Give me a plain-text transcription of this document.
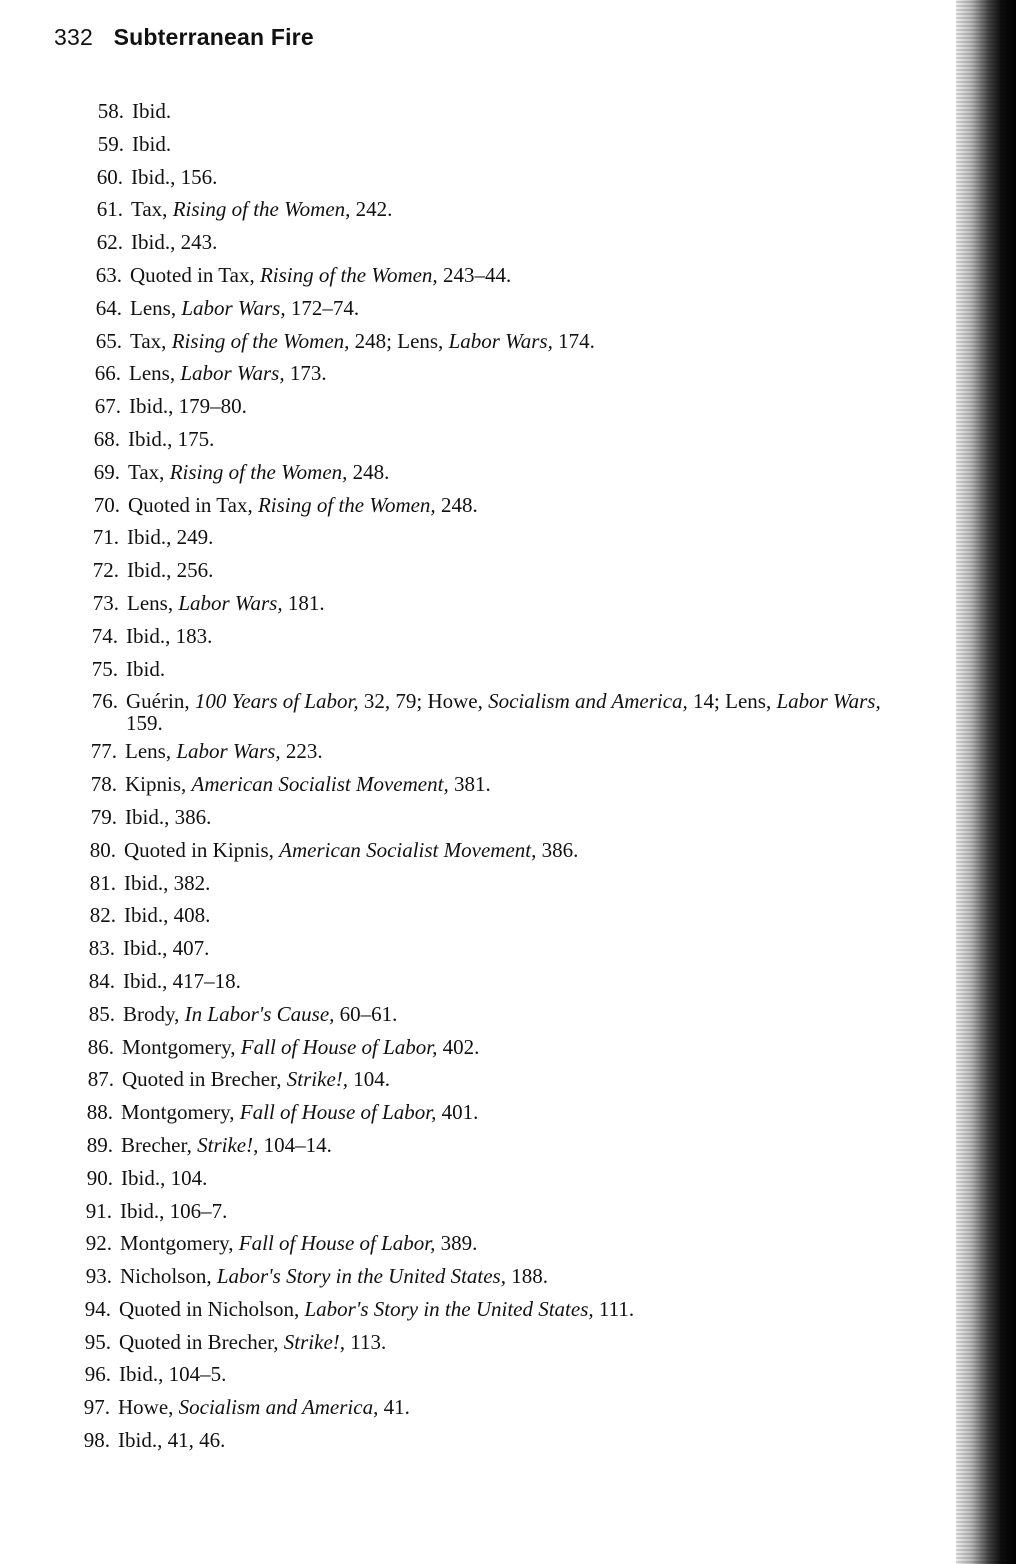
332 Subterranean Fire
58. Ibid.
59. Ibid.
60. Ibid., 156.
61. Tax, Rising of the Women, 242.
62. Ibid., 243.
63. Quoted in Tax, Rising of the Women, 243–44.
64. Lens, Labor Wars, 172–74.
65. Tax, Rising of the Women, 248; Lens, Labor Wars, 174.
66. Lens, Labor Wars, 173.
67. Ibid., 179–80.
68. Ibid., 175.
69. Tax, Rising of the Women, 248.
70. Quoted in Tax, Rising of the Women, 248.
71. Ibid., 249.
72. Ibid., 256.
73. Lens, Labor Wars, 181.
74. Ibid., 183.
75. Ibid.
76. Guérin, 100 Years of Labor, 32, 79; Howe, Socialism and America, 14; Lens, Labor Wars, 159.
77. Lens, Labor Wars, 223.
78. Kipnis, American Socialist Movement, 381.
79. Ibid., 386.
80. Quoted in Kipnis, American Socialist Movement, 386.
81. Ibid., 382.
82. Ibid., 408.
83. Ibid., 407.
84. Ibid., 417–18.
85. Brody, In Labor's Cause, 60–61.
86. Montgomery, Fall of House of Labor, 402.
87. Quoted in Brecher, Strike!, 104.
88. Montgomery, Fall of House of Labor, 401.
89. Brecher, Strike!, 104–14.
90. Ibid., 104.
91. Ibid., 106–7.
92. Montgomery, Fall of House of Labor, 389.
93. Nicholson, Labor's Story in the United States, 188.
94. Quoted in Nicholson, Labor's Story in the United States, 111.
95. Quoted in Brecher, Strike!, 113.
96. Ibid., 104–5.
97. Howe, Socialism and America, 41.
98. Ibid., 41, 46.
